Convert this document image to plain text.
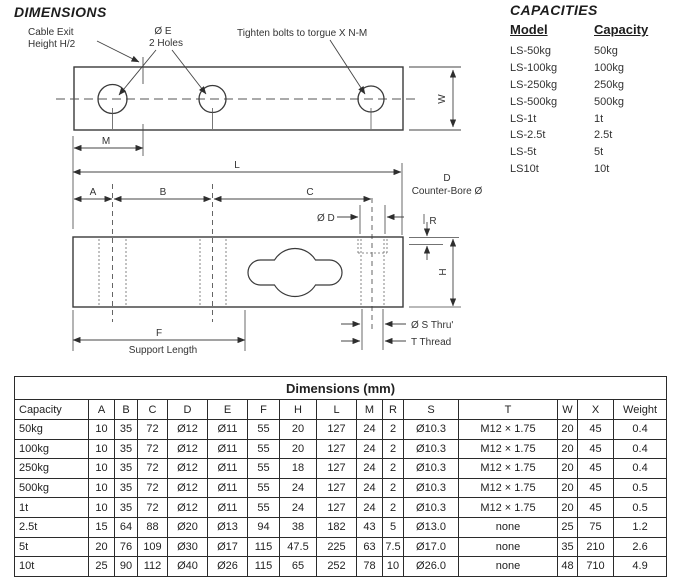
DIMENSIONS	CAPACITIES
Model	Capacity
LS-50kg	50kg
LS-100kg	100kg
LS-250kg	250kg
LS-500kg	500kg
LS-1t	1t
LS-2.5t	2.5t
LS-5t	5t
LS10t	10t
Cable Exit
Height H/2
Ø E
2 Holes
Tighten bolts to torgue X N-M
W
M
L
A	B	C
Ø D
D
Counter-Bore Ø
R
H
F
Support Length
Ø S Thru'
T Thread
Dimensions (mm)															
Capacity	A	B	C	D	E	F	H	L	M	R	S	T	W	X	Weight
50kg	10	35	72	Ø12	Ø11	55	20	127	24	2	Ø10.3	M12 × 1.75	20	45	0.4
100kg	10	35	72	Ø12	Ø11	55	20	127	24	2	Ø10.3	M12 × 1.75	20	45	0.4
250kg	10	35	72	Ø12	Ø11	55	18	127	24	2	Ø10.3	M12 × 1.75	20	45	0.4
500kg	10	35	72	Ø12	Ø11	55	24	127	24	2	Ø10.3	M12 × 1.75	20	45	0.5
1t	10	35	72	Ø12	Ø11	55	24	127	24	2	Ø10.3	M12 × 1.75	20	45	0.5
2.5t	15	64	88	Ø20	Ø13	94	38	182	43	5	Ø13.0	none	25	75	1.2
5t	20	76	109	Ø30	Ø17	115	47.5	225	63	7.5	Ø17.0	none	35	210	2.6
10t	25	90	112	Ø40	Ø26	115	65	252	78	10	Ø26.0	none	48	710	4.9
